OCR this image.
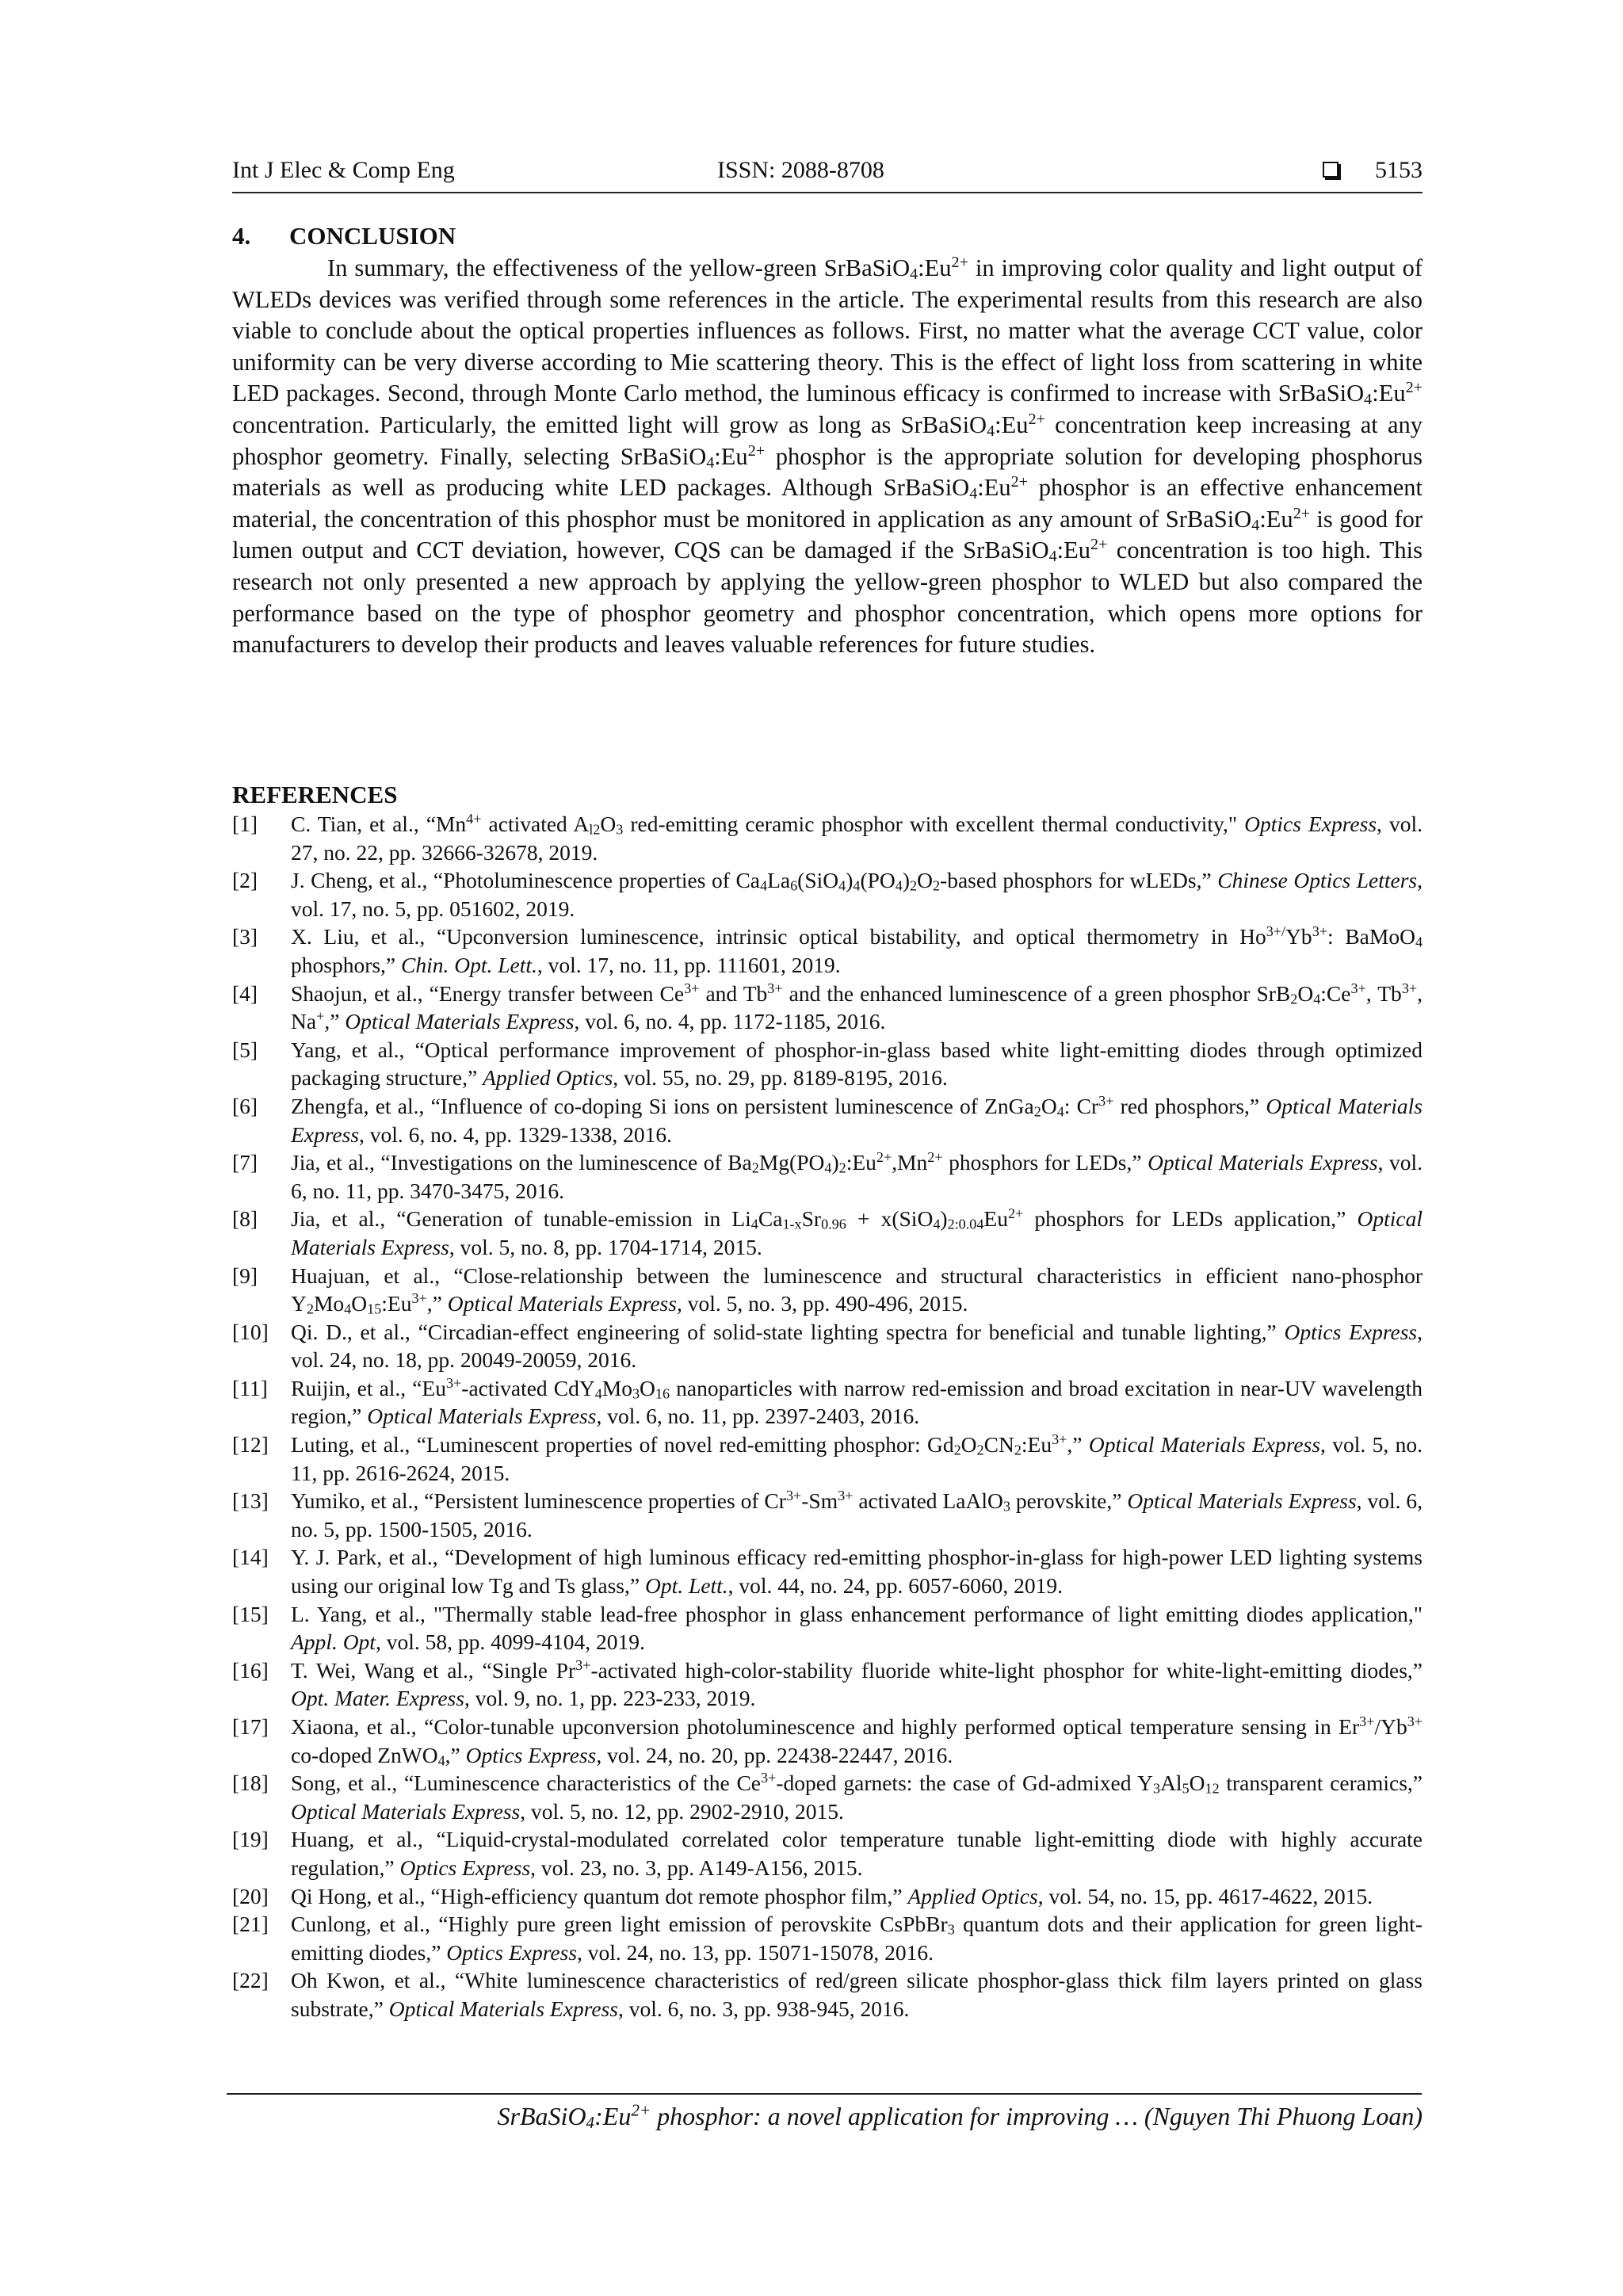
Int J Elec & Comp Eng	ISSN: 2088-8708	5153
4. CONCLUSION

In summary, the effectiveness of the yellow-green $SrBaSiO_4:Eu^{2+}$ in improving color quality and light output of WLEDs devices was verified through some references in the article. The experimental results from this research are also viable to conclude about the optical properties influences as follows. First, no matter what the average CCT value, color uniformity can be very diverse according to Mie scattering theory. This is the effect of light loss from scattering in white LED packages. Second, through Monte Carlo method, the luminous efficacy is confirmed to increase with $SrBaSiO_4:Eu^{2+}$ concentration. Particularly, the emitted light will grow as long as $SrBaSiO_4:Eu^{2+}$ concentration keep increasing at any phosphor geometry. Finally, selecting $SrBaSiO_4:Eu^{2+}$ phosphor is the appropriate solution for developing phosphorus materials as well as producing white LED packages. Although $SrBaSiO_4:Eu^{2+}$ phosphor is an effective enhancement material, the concentration of this phosphor must be monitored in application as any amount of $SrBaSiO_4:Eu^{2+}$ is good for lumen output and CCT deviation, however, CQS can be damaged if the $SrBaSiO_4:Eu^{2+}$ concentration is too high. This research not only presented a new approach by applying the yellow-green phosphor to WLED but also compared the performance based on the type of phosphor geometry and phosphor concentration, which opens more options for manufacturers to develop their products and leaves valuable references for future studies.

REFERENCES
[1] C. Tian, et al., “$Mn^{4+}$ activated $A_{l2}O_3$ red-emitting ceramic phosphor with excellent thermal conductivity," Optics Express, vol. 27, no. 22, pp. 32666-32678, 2019.
[2] J. Cheng, et al., “Photoluminescence properties of $Ca_4La_6(SiO_4)_4(PO_4)_2O_2$-based phosphors for wLEDs,” Chinese Optics Letters, vol. 17, no. 5, pp. 051602, 2019.
[3] X. Liu, et al., “Upconversion luminescence, intrinsic optical bistability, and optical thermometry in $Ho^{3+/}Yb^{3+}$: BaMoO$_4$ phosphors,” Chin. Opt. Lett., vol. 17, no. 11, pp. 111601, 2019.
[4] Shaojun, et al., “Energy transfer between $Ce^{3+}$ and $Tb^{3+}$ and the enhanced luminescence of a green phosphor $SrB_2O_4:Ce^{3+}$, $Tb^{3+}$, Na+,” Optical Materials Express, vol. 6, no. 4, pp. 1172-1185, 2016.
[5] Yang, et al., “Optical performance improvement of phosphor-in-glass based white light-emitting diodes through optimized packaging structure,” Applied Optics, vol. 55, no. 29, pp. 8189-8195, 2016.
[6] Zhengfa, et al., “Influence of co-doping Si ions on persistent luminescence of $ZnGa_2O_4$: $Cr^{3+}$ red phosphors,” Optical Materials Express, vol. 6, no. 4, pp. 1329-1338, 2016.
[7] Jia, et al., “Investigations on the luminescence of $Ba_2Mg(PO_4)_2:Eu^{2+},Mn^{2+}$ phosphors for LEDs,” Optical Materials Express, vol. 6, no. 11, pp. 3470-3475, 2016.
[8] Jia, et al., “Generation of tunable-emission in $Li_4Ca_{1-x}Sr_{0.96} + x(SiO_4)_{2:0.04}Eu^{2+}$ phosphors for LEDs application,” Optical Materials Express, vol. 5, no. 8, pp. 1704-1714, 2015.
[9] Huajuan, et al., “Close-relationship between the luminescence and structural characteristics in efficient nano-phosphor $Y_2Mo_4O_{15}:Eu^{3+}$,” Optical Materials Express, vol. 5, no. 3, pp. 490-496, 2015.
[10] Qi. D., et al., “Circadian-effect engineering of solid-state lighting spectra for beneficial and tunable lighting,” Optics Express, vol. 24, no. 18, pp. 20049-20059, 2016.
[11] Ruijin, et al., “$Eu^{3+}$-activated $CdY_4Mo_3O_{16}$ nanoparticles with narrow red-emission and broad excitation in near-UV wavelength region,” Optical Materials Express, vol. 6, no. 11, pp. 2397-2403, 2016.
[12] Luting, et al., “Luminescent properties of novel red-emitting phosphor: $Gd_2O_2CN_2:Eu^{3+}$,” Optical Materials Express, vol. 5, no. 11, pp. 2616-2624, 2015.
[13] Yumiko, et al., “Persistent luminescence properties of $Cr^{3+}-Sm^{3+}$ activated LaAlO$_3$ perovskite,” Optical Materials Express, vol. 6, no. 5, pp. 1500-1505, 2016.
[14] Y. J. Park, et al., “Development of high luminous efficacy red-emitting phosphor-in-glass for high-power LED lighting systems using our original low Tg and Ts glass,” Opt. Lett., vol. 44, no. 24, pp. 6057-6060, 2019.
[15] L. Yang, et al., "Thermally stable lead-free phosphor in glass enhancement performance of light emitting diodes application," Appl. Opt, vol. 58, pp. 4099-4104, 2019.
[16] T. Wei, Wang et al., “Single $Pr^{3+}$-activated high-color-stability fluoride white-light phosphor for white-light-emitting diodes,” Opt. Mater. Express, vol. 9, no. 1, pp. 223-233, 2019.
[17] Xiaona, et al., “Color-tunable upconversion photoluminescence and highly performed optical temperature sensing in $Er^{3+}/Yb^{3+}$ co-doped ZnWO$_4$,” Optics Express, vol. 24, no. 20, pp. 22438-22447, 2016.
[18] Song, et al., “Luminescence characteristics of the $Ce^{3+}$-doped garnets: the case of Gd-admixed $Y_3Al_5O_{12}$ transparent ceramics,” Optical Materials Express, vol. 5, no. 12, pp. 2902-2910, 2015.
[19] Huang, et al., “Liquid-crystal-modulated correlated color temperature tunable light-emitting diode with highly accurate regulation,” Optics Express, vol. 23, no. 3, pp. A149-A156, 2015.
[20] Qi Hong, et al., “High-efficiency quantum dot remote phosphor film,” Applied Optics, vol. 54, no. 15, pp. 4617-4622, 2015.
[21] Cunlong, et al., “Highly pure green light emission of perovskite CsPbBr$_3$ quantum dots and their application for green light-emitting diodes,” Optics Express, vol. 24, no. 13, pp. 15071-15078, 2016.
[22] Oh Kwon, et al., “White luminescence characteristics of red/green silicate phosphor-glass thick film layers printed on glass substrate,” Optical Materials Express, vol. 6, no. 3, pp. 938-945, 2016.
$SrBaSiO_4:Eu^{2+}$ phosphor: a novel application for improving … (Nguyen Thi Phuong Loan)
